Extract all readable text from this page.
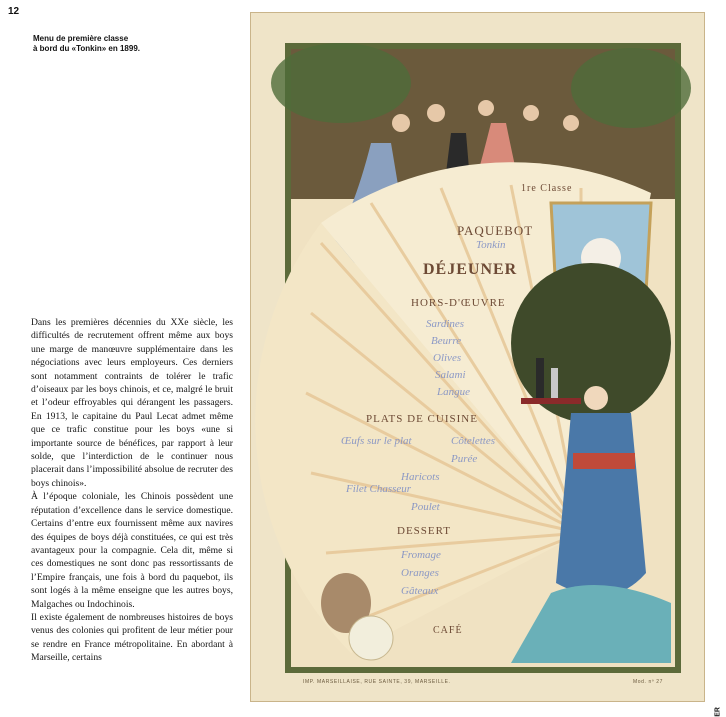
12
Menu de première classe
à bord du «Tonkin» en 1899.

Dans les premières décennies du XXe siècle, les difficultés de recrutement offrent même aux boys une marge de manœuvre supplémentaire dans les négociations avec leurs employeurs. Ces derniers sont notamment contraints de tolérer le trafic d’oiseaux par les boys chinois, et ce, malgré le bruit et l’odeur effroyables qui dérangent les passagers. En 1913, le capitaine du Paul Lecat admet même que ce trafic constitue pour les boys «une si importante source de bénéfices, par rapport à leur solde, que l’interdiction de le continuer nous placerait dans l’impossibilité absolue de recruter des boys chinois».

À l’époque coloniale, les Chinois possèdent une réputation d’excellence dans le service domestique. Certains d’entre eux fournissent même aux navires des équipes de boys déjà constituées, ce qui est très avantageux pour la compagnie. Cela dit, même si ces domestiques ne sont donc pas ressortissants de l’Empire français, une fois à bord du paquebot, ils sont logés à la même enseigne que les autres boys, Malgaches ou Indochinois.

Il existe également de nombreuses histoires de boys venus des colonies qui profitent de leur métier pour se rendre en France métropolitaine. En abordant à Marseille, certains

1re Classe
PAQUEBOT
Tonkin
DÉJEUNER
HORS-D'ŒUVRE
Sardines
Beurre
Olives
Salami
Langue
PLATS DE CUISINE
Œufs sur le plat	Côtelettes
Purée
Filet Chasseur
Haricots
Poulet
DESSERT
Fromage
Oranges
Gâteaux
CAFÉ
IMP. MARSEILLAISE, RUE SAINTE, 39, MARSEILLE.	Mod. nº 27
ER
